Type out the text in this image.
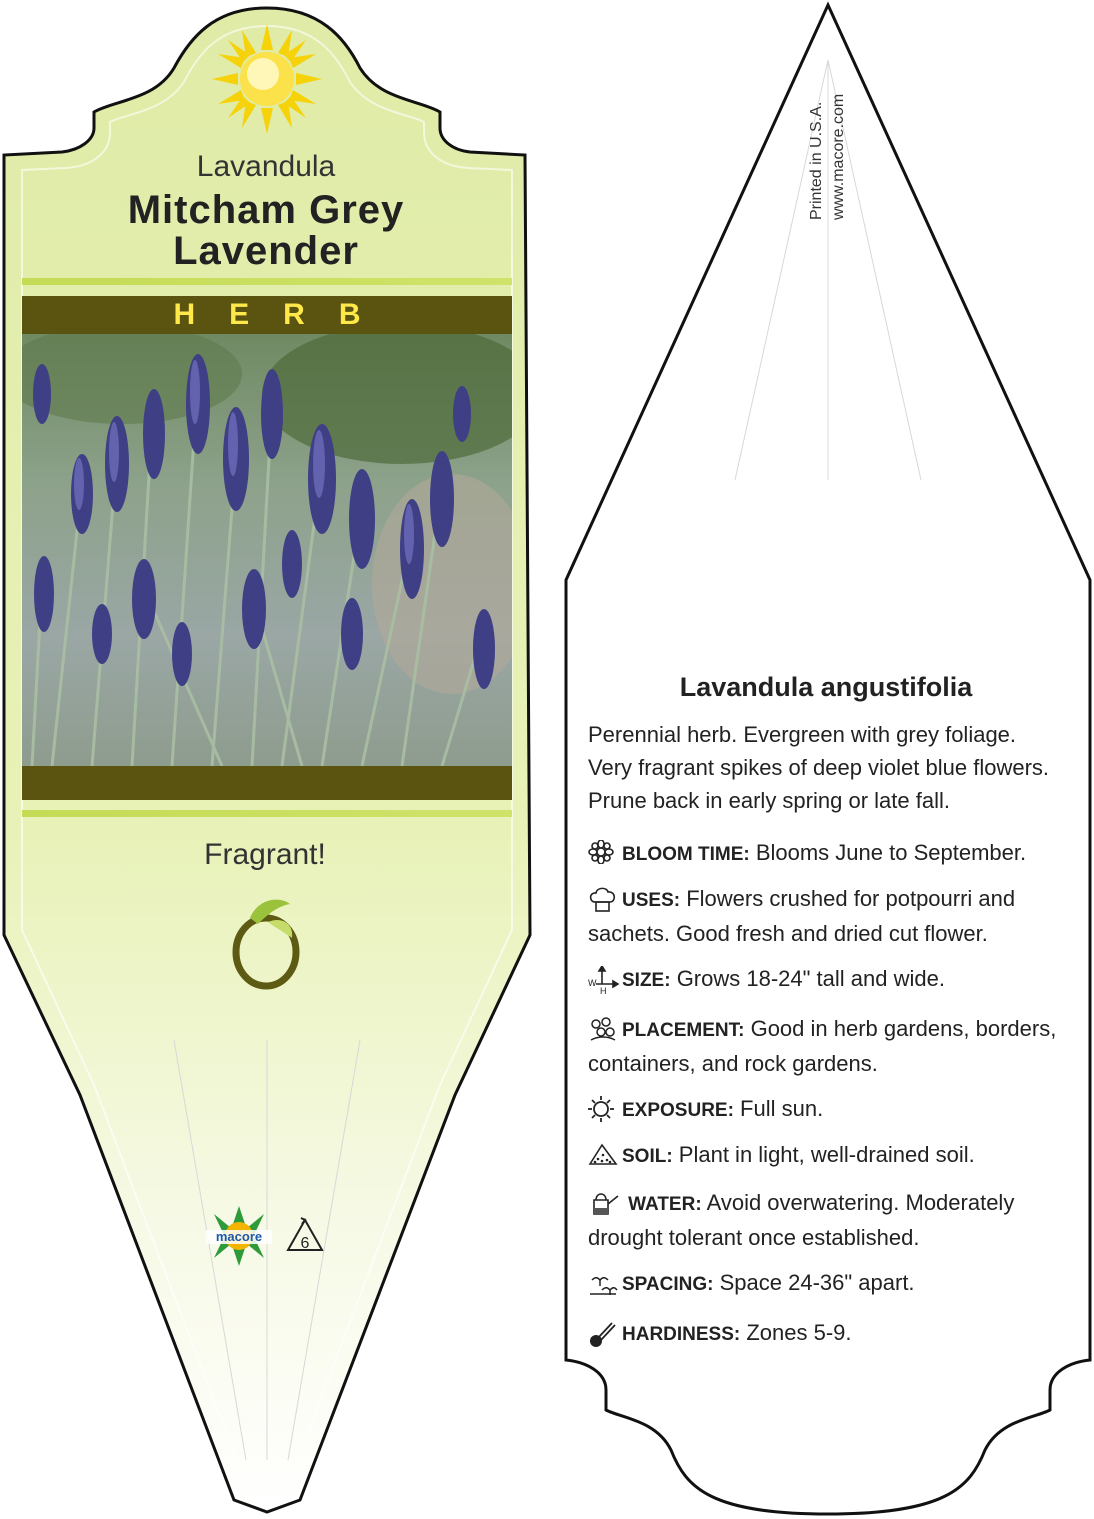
Lavandula
Mitcham Grey
Lavender
HERB
Fragrant!
macore 6
Printed in U.S.A. www.macore.com
Lavandula angustifolia
Perennial herb. Evergreen with grey foliage. Very fragrant spikes of deep violet blue flowers. Prune back in early spring or late fall.
BLOOM TIME: Blooms June to September.
USES: Flowers crushed for potpourri and sachets. Good fresh and dried cut flower.
W
H SIZE: Grows 18-24" tall and wide.
PLACEMENT: Good in herb gardens, borders, containers, and rock gardens.
EXPOSURE: Full sun.
SOIL: Plant in light, well-drained soil.
WATER: Avoid overwatering. Moderately drought tolerant once established.
SPACING: Space 24-36" apart.
HARDINESS: Zones 5-9.
